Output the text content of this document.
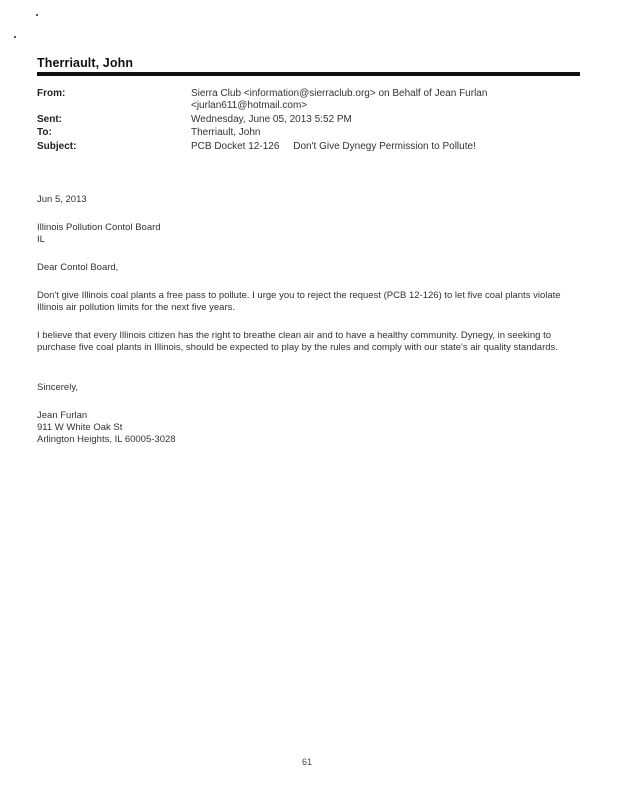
Therriault, John
From:	Sierra Club <information@sierraclub.org> on Behalf of Jean Furlan <jurlan611@hotmail.com>
Sent:	Wednesday, June 05, 2013 5:52 PM
To:	Therriault, John
Subject:	PCB Docket 12-126     Don't Give Dynegy Permission to Pollute!
Jun 5, 2013
Illinois Pollution Contol Board
IL
Dear Contol Board,
Don't give Illinois coal plants a free pass to pollute. I urge you to reject the request (PCB 12-126) to let five coal plants violate Illinois air pollution limits for the next five years.
I believe that every Illinois citizen has the right to breathe clean air and to have a healthy community. Dynegy, in seeking to purchase five coal plants in Illinois, should be expected to play by the rules and comply with our state's air quality standards.
Sincerely,
Jean Furlan
911 W White Oak St
Arlington Heights, IL 60005-3028
61
